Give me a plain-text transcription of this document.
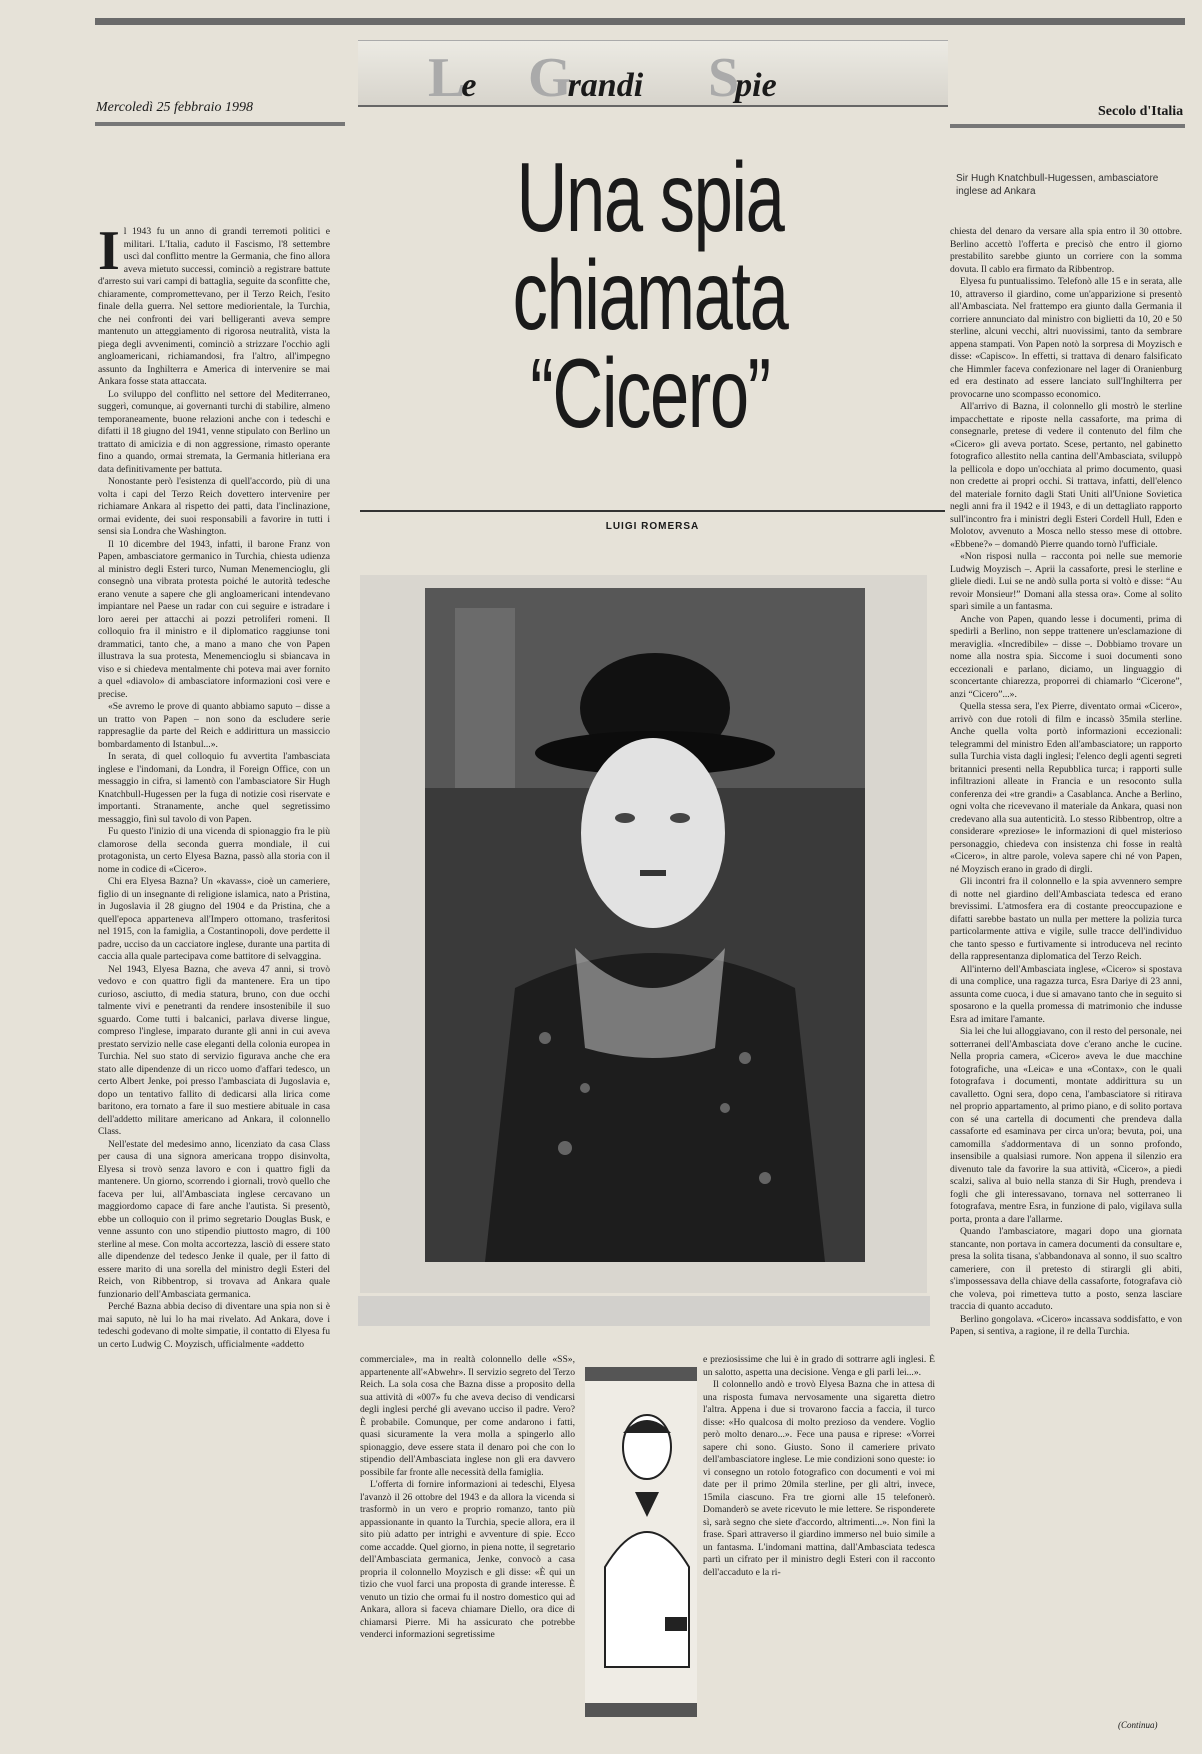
Le Grandi Spie
Mercoledì 25 febbraio 1998	Secolo d'Italia
Sir Hugh Knatchbull-Hugessen, ambasciatore inglese ad Ankara
Una spia
chiamata
“Cicero”
LUIGI ROMERSA

Il 1943 fu un anno di grandi terremoti politici e militari. L'Italia, caduto il Fascismo, l'8 settembre uscì dal conflitto mentre la Germania, che fino allora aveva mietuto successi, cominciò a registrare battute d'arresto sui vari campi di battaglia, seguite da sconfitte che, chiaramente, compromettevano, per il Terzo Reich, l'esito finale della guerra. Nel settore mediorientale, la Turchia, che nei confronti dei vari belligeranti aveva sempre mantenuto un atteggiamento di rigorosa neutralità, vista la piega degli avvenimenti, cominciò a strizzare l'occhio agli angloamericani, richiamandosi, fra l'altro, all'impegno assunto da Inghilterra e America di intervenire se mai Ankara fosse stata attaccata.

Lo sviluppo del conflitto nel settore del Mediterraneo, suggerì, comunque, ai governanti turchi di stabilire, almeno temporaneamente, buone relazioni anche con i tedeschi e difatti il 18 giugno del 1941, venne stipulato con Berlino un trattato di amicizia e di non aggressione, rimasto operante fino a quando, ormai stremata, la Germania hitleriana era data definitivamente per battuta.

Nonostante però l'esistenza di quell'accordo, più di una volta i capi del Terzo Reich dovettero intervenire per richiamare Ankara al rispetto dei patti, data l'inclinazione, ormai evidente, dei suoi responsabili a favorire in tutti i sensi sia Londra che Washington.

Il 10 dicembre del 1943, infatti, il barone Franz von Papen, ambasciatore germanico in Turchia, chiesta udienza al ministro degli Esteri turco, Numan Menemencioglu, gli consegnò una vibrata protesta poiché le autorità tedesche erano venute a sapere che gli angloamericani intendevano impiantare nel Paese un radar con cui seguire e istradare i loro aerei per attacchi ai pozzi petroliferi romeni. Il colloquio fra il ministro e il diplomatico raggiunse toni drammatici, tanto che, a mano a mano che von Papen illustrava la sua protesta, Menemencioglu si sbiancava in viso e si chiedeva mentalmente chi poteva mai aver fornito a quel «diavolo» di ambasciatore informazioni così vere e precise.

«Se avremo le prove di quanto abbiamo saputo – disse a un tratto von Papen – non sono da escludere serie rappresaglie da parte del Reich e addirittura un massiccio bombardamento di Istanbul...».

In serata, di quel colloquio fu avvertita l'ambasciata inglese e l'indomani, da Londra, il Foreign Office, con un messaggio in cifra, si lamentò con l'ambasciatore Sir Hugh Knatchbull-Hugessen per la fuga di notizie così riservate e importanti. Stranamente, anche quel segretissimo messaggio, finì sul tavolo di von Papen.

Fu questo l'inizio di una vicenda di spionaggio fra le più clamorose della seconda guerra mondiale, il cui protagonista, un certo Elyesa Bazna, passò alla storia con il nome in codice di «Cicero».

Chi era Elyesa Bazna? Un «kavass», cioè un cameriere, figlio di un insegnante di religione islamica, nato a Pristina, in Jugoslavia il 28 giugno del 1904 e da Pristina, che a quell'epoca apparteneva all'Impero ottomano, trasferitosi nel 1915, con la famiglia, a Costantinopoli, dove perdette il padre, ucciso da un cacciatore inglese, durante una partita di caccia alla quale partecipava come battitore di selvaggina.

Nel 1943, Elyesa Bazna, che aveva 47 anni, si trovò vedovo e con quattro figli da mantenere. Era un tipo curioso, asciutto, di media statura, bruno, con due occhi talmente vivi e penetranti da rendere insostenibile il suo sguardo. Come tutti i balcanici, parlava diverse lingue, compreso l'inglese, imparato durante gli anni in cui aveva prestato servizio nelle case eleganti della colonia europea in Turchia. Nel suo stato di servizio figurava anche che era stato alle dipendenze di un ricco uomo d'affari tedesco, un certo Albert Jenke, poi presso l'ambasciata di Jugoslavia e, dopo un tentativo fallito di dedicarsi alla lirica come baritono, era tornato a fare il suo mestiere abituale in casa dell'addetto militare americano ad Ankara, il colonnello Class.

Nell'estate del medesimo anno, licenziato da casa Class per causa di una signora americana troppo disinvolta, Elyesa si trovò senza lavoro e con i quattro figli da mantenere. Un giorno, scorrendo i giornali, trovò quello che faceva per lui, all'Ambasciata inglese cercavano un maggiordomo capace di fare anche l'autista. Si presentò, ebbe un colloquio con il primo segretario Douglas Busk, e venne assunto con uno stipendio piuttosto magro, di 100 sterline al mese. Con molta accortezza, lasciò di essere stato alle dipendenze del tedesco Jenke il quale, per il fatto di essere marito di una sorella del ministro degli Esteri del Reich, von Ribbentrop, si trovava ad Ankara quale funzionario dell'Ambasciata germanica.

Perché Bazna abbia deciso di diventare una spia non si è mai saputo, nè lui lo ha mai rivelato. Ad Ankara, dove i tedeschi godevano di molte simpatie, il contatto di Elyesa fu un certo Ludwig C. Moyzisch, ufficialmente «addetto

commerciale», ma in realtà colonnello delle «SS», appartenente all'«Abwehr». Il servizio segreto del Terzo Reich. La sola cosa che Bazna disse a proposito della sua attività di «007» fu che aveva deciso di vendicarsi degli inglesi perché gli avevano ucciso il padre. Vero? È probabile. Comunque, per come andarono i fatti, quasi sicuramente la vera molla a spingerlo allo spionaggio, deve essere stata il denaro poi che con lo stipendio dell'Ambasciata inglese non gli era davvero possibile far fronte alle necessità della famiglia.

L'offerta di fornire informazioni ai tedeschi, Elyesa l'avanzò il 26 ottobre del 1943 e da allora la vicenda si trasformò in un vero e proprio romanzo, tanto più appassionante in quanto la Turchia, specie allora, era il sito più adatto per intrighi e avventure di spie. Ecco come accadde. Quel giorno, in piena notte, il segretario dell'Ambasciata germanica, Jenke, convocò a casa propria il colonnello Moyzisch e gli disse: «È qui un tizio che vuol farci una proposta di grande interesse. È venuto un tizio che ormai fu il nostro domestico qui ad Ankara, allora si faceva chiamare Diello, ora dice di chiamarsi Pierre. Mi ha assicurato che potrebbe venderci informazioni segretissime

e preziosissime che lui è in grado di sottrarre agli inglesi. È un salotto, aspetta una decisione. Venga e gli parli lei...».

Il colonnello andò e trovò Elyesa Bazna che in attesa di una risposta fumava nervosamente una sigaretta dietro l'altra. Appena i due si trovarono faccia a faccia, il turco disse: «Ho qualcosa di molto prezioso da vendere. Voglio però molto denaro...». Fece una pausa e riprese: «Vorrei sapere chi sono. Giusto. Sono il cameriere privato dell'ambasciatore inglese. Le mie condizioni sono queste: io vi consegno un rotolo fotografico con documenti e voi mi date per il primo 20mila sterline, per gli altri, invece, 15mila ciascuno. Fra tre giorni alle 15 telefonerò. Domanderò se avete ricevuto le mie lettere. Se risponderete sì, sarà segno che siete d'accordo, altrimenti...». Non finì la frase. Sparì attraverso il giardino immerso nel buio simile a un fantasma. L'indomani mattina, dall'Ambasciata tedesca partì un cifrato per il ministro degli Esteri con il racconto dell'accaduto e la ri-

chiesta del denaro da versare alla spia entro il 30 ottobre. Berlino accettò l'offerta e precisò che entro il giorno prestabilito sarebbe giunto un corriere con la somma dovuta. Il cablo era firmato da Ribbentrop.

Elyesa fu puntualissimo. Telefonò alle 15 e in serata, alle 10, attraverso il giardino, come un'apparizione si presentò all'Ambasciata. Nel frattempo era giunto dalla Germania il corriere annunciato dal ministro con biglietti da 10, 20 e 50 sterline, alcuni vecchi, altri nuovissimi, tanto da sembrare appena stampati. Von Papen notò la sorpresa di Moyzisch e disse: «Capisco». In effetti, si trattava di denaro falsificato che Himmler faceva confezionare nel lager di Oranienburg ed era destinato ad essere lanciato sull'Inghilterra per provocarne uno scompasso economico.

All'arrivo di Bazna, il colonnello gli mostrò le sterline impacchettate e riposte nella cassaforte, ma prima di consegnarle, pretese di vedere il contenuto del film che «Cicero» gli aveva portato. Scese, pertanto, nel gabinetto fotografico allestito nella cantina dell'Ambasciata, sviluppò la pellicola e dopo un'occhiata al primo documento, quasi non credette ai propri occhi. Si trattava, infatti, dell'elenco del materiale fornito dagli Stati Uniti all'Unione Sovietica negli anni fra il 1942 e il 1943, e di un dettagliato rapporto sull'incontro fra i ministri degli Esteri Cordell Hull, Eden e Molotov, avvenuto a Mosca nello stesso mese di ottobre. «Ebbene?» – domandò Pierre quando tornò l'ufficiale.

«Non risposi nulla – racconta poi nelle sue memorie Ludwig Moyzisch –. Aprii la cassaforte, presi le sterline e gliele diedi. Lui se ne andò sulla porta si voltò e disse: “Au revoir Monsieur!” Domani alla stessa ora». Come al solito sparì simile a un fantasma.

Anche von Papen, quando lesse i documenti, prima di spedirli a Berlino, non seppe trattenere un'esclamazione di meraviglia. «Incredibile» – disse –. Dobbiamo trovare un nome alla nostra spia. Siccome i suoi documenti sono eccezionali e parlano, diciamo, un linguaggio di sconcertante chiarezza, proporrei di chiamarlo “Cicerone”, anzi “Cicero”...».

Quella stessa sera, l'ex Pierre, diventato ormai «Cicero», arrivò con due rotoli di film e incassò 35mila sterline. Anche quella volta portò informazioni eccezionali: telegrammi del ministro Eden all'ambasciatore; un rapporto sulla Turchia vista dagli inglesi; l'elenco degli agenti segreti britannici presenti nella Repubblica turca; i rapporti sulle infiltrazioni alleate in Francia e un resoconto sulla conferenza dei «tre grandi» a Casablanca. Anche a Berlino, ogni volta che ricevevano il materiale da Ankara, quasi non credevano alla sua autenticità. Lo stesso Ribbentrop, oltre a considerare «preziose» le informazioni di quel misterioso personaggio, chiedeva con insistenza chi fosse in realtà «Cicero», in altre parole, voleva sapere chi né von Papen, né Moyzisch erano in grado di dirgli.

Gli incontri fra il colonnello e la spia avvennero sempre di notte nel giardino dell'Ambasciata tedesca ed erano brevissimi. L'atmosfera era di costante preoccupazione e difatti sarebbe bastato un nulla per mettere la polizia turca particolarmente attiva e vigile, sulle tracce dell'individuo che tanto spesso e furtivamente si introduceva nel recinto della rappresentanza diplomatica del Terzo Reich.

All'interno dell'Ambasciata inglese, «Cicero» si spostava di una complice, una ragazza turca, Esra Dariye di 23 anni, assunta come cuoca, i due si amavano tanto che in seguito si sposarono e la quella promessa di matrimonio che indusse Esra ad imitare l'amante.

Sia lei che lui alloggiavano, con il resto del personale, nei sotterranei dell'Ambasciata dove c'erano anche le cucine. Nella propria camera, «Cicero» aveva le due macchine fotografiche, una «Leica» e una «Contax», con le quali fotografava i documenti, montate addirittura su un cavalletto. Ogni sera, dopo cena, l'ambasciatore si ritirava nel proprio appartamento, al primo piano, e di solito portava con sé una cartella di documenti che prendeva dalla cassaforte ed esaminava per circa un'ora; bevuta, poi, una camomilla s'addormentava di un sonno profondo, insensibile a qualsiasi rumore. Non appena il silenzio era divenuto tale da favorire la sua attività, «Cicero», a piedi scalzi, saliva al buio nella stanza di Sir Hugh, prendeva i fogli che gli interessavano, tornava nel sotterraneo li fotografava, mentre Esra, in funzione di palo, vigilava sulla porta, pronta a dare l'allarme.

Quando l'ambasciatore, magari dopo una giornata stancante, non portava in camera documenti da consultare e, presa la solita tisana, s'abbandonava al sonno, il suo scaltro cameriere, con il pretesto di stirargli gli abiti, s'impossessava della chiave della cassaforte, fotografava ciò che voleva, poi rimetteva tutto a posto, senza lasciare traccia di quanto accaduto.

Berlino gongolava. «Cicero» incassava soddisfatto, e von Papen, si sentiva, a ragione, il re della Turchia.

(Continua)
